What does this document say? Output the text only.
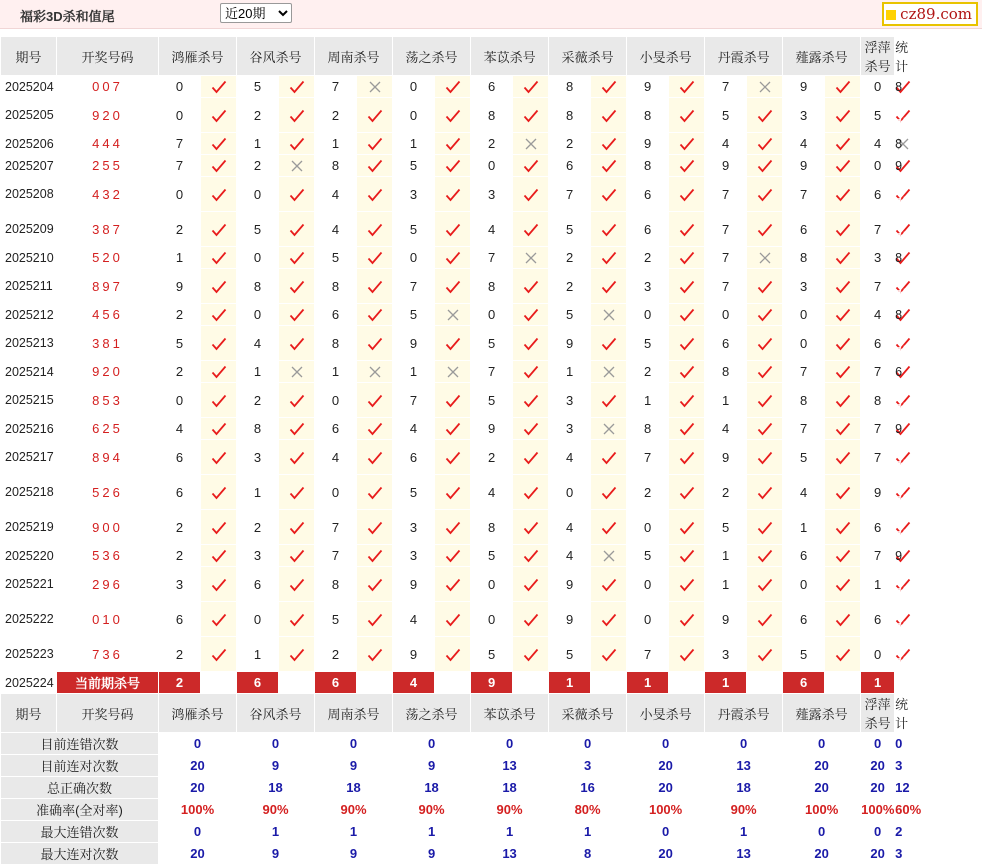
福彩3D杀和值尾
近20期	cz89.com
期号	开奖号码	鸿雁杀号		谷风杀号		周南杀号		荡之杀号		苯苡杀号		采薇杀号		小旻杀号		丹霞杀号		薤露杀号		浮萍杀号	统计
2025204	007	0		5		7		0		6		8		9		7		9		0		8
2025205	920	0		2		2		0		8		8		8		5		3		5		全对
2025206	444	7		1		1		1		2		2		9		4		4		4		8
2025207	255	7		2		8		5		0		6		8		9		9		0		9
2025208	432	0		0		4		3		3		7		6		7		7		6		全对
2025209	387	2		5		4		5		4		5		6		7		6		7		全对
2025210	520	1		0		5		0		7		2		2		7		8		3		8
2025211	897	9		8		8		7		8		2		3		7		3		7		全对
2025212	456	2		0		6		5		0		5		0		0		0		4		8
2025213	381	5		4		8		9		5		9		5		6		0		6		全对
2025214	920	2		1		1		1		7		1		2		8		7		7		6
2025215	853	0		2		0		7		5		3		1		1		8		8		全对
2025216	625	4		8		6		4		9		3		8		4		7		7		9
2025217	894	6		3		4		6		2		4		7		9		5		7		全对
2025218	526	6		1		0		5		4		0		2		2		4		9		全对
2025219	900	2		2		7		3		8		4		0		5		1		6		全对
2025220	536	2		3		7		3		5		4		5		1		6		7		9
2025221	296	3		6		8		9		0		9		0		1		0		1		全对
2025222	010	6		0		5		4		0		9		0		9		6		6		全对
2025223	736	2		1		2		9		5		5		7		3		5		0		全对
2025224	当前期杀号	2		6		6		4		9		1		1		1		6		1		
期号	开奖号码	鸿雁杀号		谷风杀号		周南杀号		荡之杀号		苯苡杀号		采薇杀号		小旻杀号		丹霞杀号		薤露杀号		浮萍杀号	统计
目前连错次数		0		0		0		0		0		0		0		0		0		0	0
目前连对次数		20		9		9		9		13		3		20		13		20		20	3
总正确次数		20		18		18		18		18		16		20		18		20		20	12
准确率(全对率)		100%		90%		90%		90%		90%		80%		100%		90%		100%		100%	60%
最大连错次数		0		1		1		1		1		1		0		1		0		0	2
最大连对次数		20		9		9		9		13		8		20		13		20		20	3
